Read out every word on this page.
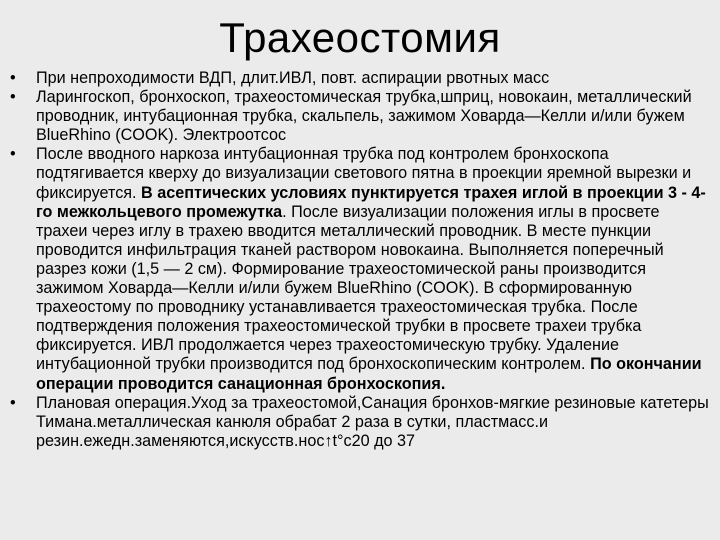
Трахеостомия
•	При непроходимости ВДП, длит.ИВЛ, повт. аспирации рвотных масс
•	Ларингоскоп, бронхоскоп, трахеостомическая трубка,шприц, новокаин, металлический проводник, интубационная трубка, скальпель, зажимом Ховарда—Келли и/или бужем BlueRhino (COOK). Электроотсос
•	После вводного наркоза интубационная трубка под контролем бронхоскопа подтягивается кверху до визуализации светового пятна в проекции яремной вырезки и фиксируется. В асептических условиях пунктируется трахея иглой в проекции 3 - 4-го межкольцевого промежутка. После визуализации положения иглы в просвете трахеи через иглу в трахею вводится металлический проводник. В месте пункции проводится инфильтрация тканей раствором новокаина. Выполняется поперечный разрез кожи (1,5 — 2 см). Формирование трахеостомической раны производится зажимом Ховарда—Келли и/или бужем BlueRhino (COOK). В сформированную трахеостому по проводнику устанавливается трахеостомическая трубка. После подтверждения положения трахеостомической трубки в просвете трахеи трубка фиксируется. ИВЛ продолжается через трахеостомическую трубку. Удаление интубационной трубки производится под бронхоскопическим контролем. По окончании операции проводится санационная бронхоскопия.
•	Плановая операция.Уход за трахеостомой,Санация бронхов-мягкие резиновые катетеры Тимана.металлическая канюля обрабат 2 раза в сутки, пластмасс.и резин.ежедн.заменяются,искусств.нос↑t°c20 до 37
